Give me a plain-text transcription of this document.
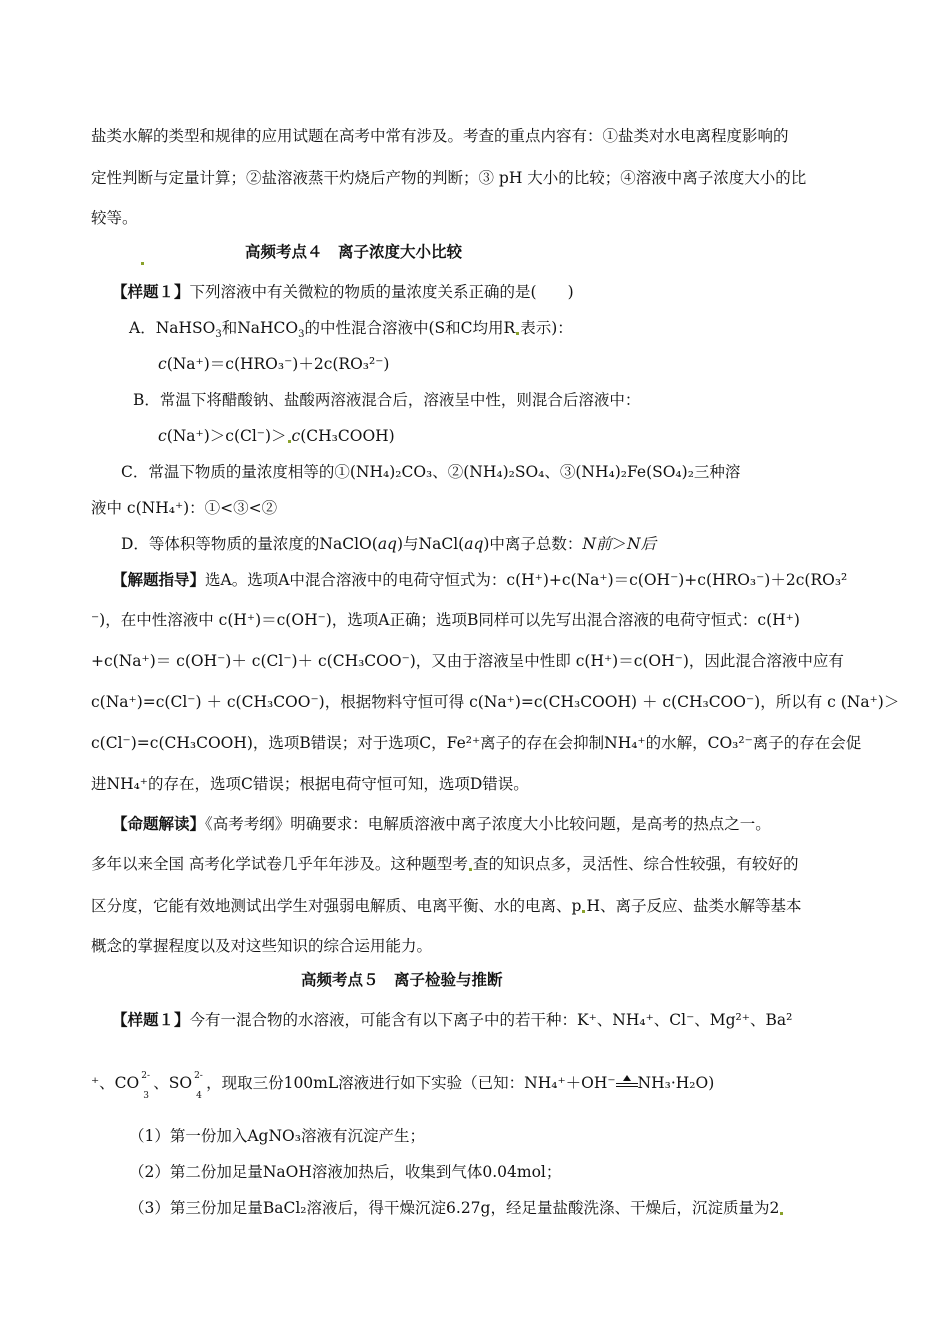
盐类水解的类型和规律的应用试题在高考中常有涉及。考查的重点内容有：①盐类对水电离程度影响的
定性判断与定量计算；②盐溶液蒸干灼烧后产物的判断；③ pH 大小的比较；④溶液中离子浓度大小的比
较等。
高频考点４　离子浓度大小比较
【样题１】下列溶液中有关微粒的物质的量浓度关系正确的是(　　)
A．NaHSO$_3$和NaHCO$_3$的中性混合溶液中(S和C均用R 表示)：
c(Na⁺)＝c(HRO₃⁻)＋2c(RO₃²⁻)
B．常温下将醋酸钠、盐酸两溶液混合后，溶液呈中性，则混合后溶液中：
c(Na⁺)＞c(Cl⁻)＞ c(CH₃COOH)
C．常温下物质的量浓度相等的①(NH₄)₂CO₃、②(NH₄)₂SO₄、③(NH₄)₂Fe(SO₄)₂三种溶
液中 c(NH₄⁺)：①<③<②
D．等体积等物质的量浓度的NaClO(aq)与NaCl(aq)中离子总数：N前＞N后
【解题指导】选A。选项A中混合溶液中的电荷守恒式为：c(H⁺)+c(Na⁺)＝c(OH⁻)+c(HRO₃⁻)＋2c(RO₃²
⁻)，在中性溶液中 c(H⁺)＝c(OH⁻)，选项A正确；选项B同样可以先写出混合溶液的电荷守恒式：c(H⁺)
+c(Na⁺)＝ c(OH⁻)＋ c(Cl⁻)＋ c(CH₃COO⁻)，又由于溶液呈中性即 c(H⁺)＝c(OH⁻)，因此混合溶液中应有
c(Na⁺)=c(Cl⁻) ＋ c(CH₃COO⁻)，根据物料守恒可得 c(Na⁺)=c(CH₃COOH) ＋ c(CH₃COO⁻)，所以有 c (Na⁺)＞
c(Cl⁻)=c(CH₃COOH)，选项B错误；对于选项C，Fe²⁺离子的存在会抑制NH₄⁺的水解，CO₃²⁻离子的存在会促
进NH₄⁺的存在，选项C错误；根据电荷守恒可知，选项D错误。
【命题解读】《高考考纲》明确要求：电解质溶液中离子浓度大小比较问题，是高考的热点之一。
多年以来全国 高考化学试卷几乎年年涉及。这种题型考 查的知识点多，灵活性、综合性较强，有较好的
区分度，它能有效地测试出学生对强弱电解质、电离平衡、水的电离、p H、离子反应、盐类水解等基本
概念的掌握程度以及对这些知识的综合运用能力。
高频考点５　离子检验与推断
【样题１】今有一混合物的水溶液，可能含有以下离子中的若干种：K⁺、NH₄⁺、Cl⁻、Mg²⁺、Ba²
⁺、CO 2-
3
、SO 2-
4
，现取三份100mL溶液进行如下实验（已知：NH₄⁺＋OH⁻ NH₃·H₂O)
（1）第一份加入AgNO₃溶液有沉淀产生；
（2）第二份加足量NaOH溶液加热后，收集到气体0.04mol；
（3）第三份加足量BaCl₂溶液后，得干燥沉淀6.27g，经足量盐酸洗涤、干燥后，沉淀质量为2
